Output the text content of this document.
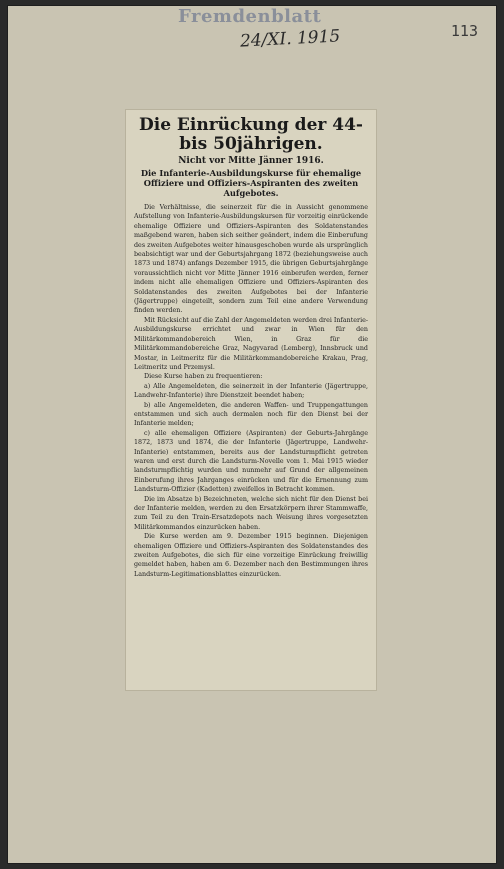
Fremdenblatt
24/XI. 1915	113
Die Einrückung der 44- bis 50jährigen.
Nicht vor Mitte Jänner 1916.
Die Infanterie-Ausbildungskurse für ehemalige Offiziere und Offiziers-Aspiranten des zweiten Aufgebotes.

Die Verhältnisse, die seinerzeit für die in Aussicht genommene Aufstellung von Infanterie-Ausbildungskursen für vorzeitig einrückende ehemalige Offiziere und Offiziers-Aspiranten des Soldatenstandes maßgebend waren, haben sich seither geändert, indem die Einberufung des zweiten Aufgebotes weiter hinausgeschoben wurde als ursprünglich beabsichtigt war und der Geburtsjahrgang 1872 (beziehungsweise auch 1873 und 1874) anfangs Dezember 1915, die übrigen Geburtsjahrgänge voraussichtlich nicht vor Mitte Jänner 1916 einberufen werden, ferner indem nicht alle ehemaligen Offiziere und Offiziers-Aspiranten des Soldatenstandes des zweiten Aufgebotes bei der Infanterie (Jägertruppe) eingeteilt, sondern zum Teil eine andere Verwendung finden werden.

Mit Rücksicht auf die Zahl der Angemeldeten werden drei Infanterie-Ausbildungskurse errichtet und zwar in Wien für den Militärkommandobereich Wien, in Graz für die Militärkommandobereiche Graz, Nagyvarad (Lemberg), Innsbruck und Mostar, in Leitmeritz für die Militärkommandobereiche Krakau, Prag, Leitmeritz und Przemysl.

Diese Kurse haben zu frequentieren:

a) Alle Angemeldeten, die seinerzeit in der Infanterie (Jägertruppe, Landwehr-Infanterie) ihre Dienstzeit beendet haben;

b) alle Angemeldeten, die anderen Waffen- und Truppengattungen entstammen und sich auch dermalen noch für den Dienst bei der Infanterie melden;

c) alle ehemaligen Offiziere (Aspiranten) der Geburts-Jahrgänge 1872, 1873 und 1874, die der Infanterie (Jägertruppe, Landwehr-Infanterie) entstammen, bereits aus der Landsturmpflicht getreten waren und erst durch die Landsturm-Novelle vom 1. Mai 1915 wieder landsturmpflichtig wurden und nunmehr auf Grund der allgemeinen Einberufung ihres Jahrganges einrücken und für die Ernennung zum Landsturm-Offizier (Kadetten) zweifellos in Betracht kommen.

Die im Absatze b) Bezeichneten, welche sich nicht für den Dienst bei der Infanterie melden, werden zu den Ersatzkörpern ihrer Stammwaffe, zum Teil zu den Train-Ersatzdepots nach Weisung ihres vorgesetzten Militärkommandos einzurücken haben.

Die Kurse werden am 9. Dezember 1915 beginnen. Diejenigen ehemaligen Offiziere und Offiziers-Aspiranten des Soldatenstandes des zweiten Aufgebotes, die sich für eine vorzeitige Einrückung freiwillig gemeldet haben, haben am 6. Dezember nach den Bestimmungen ihres Landsturm-Legitimationsblattes einzurücken.
